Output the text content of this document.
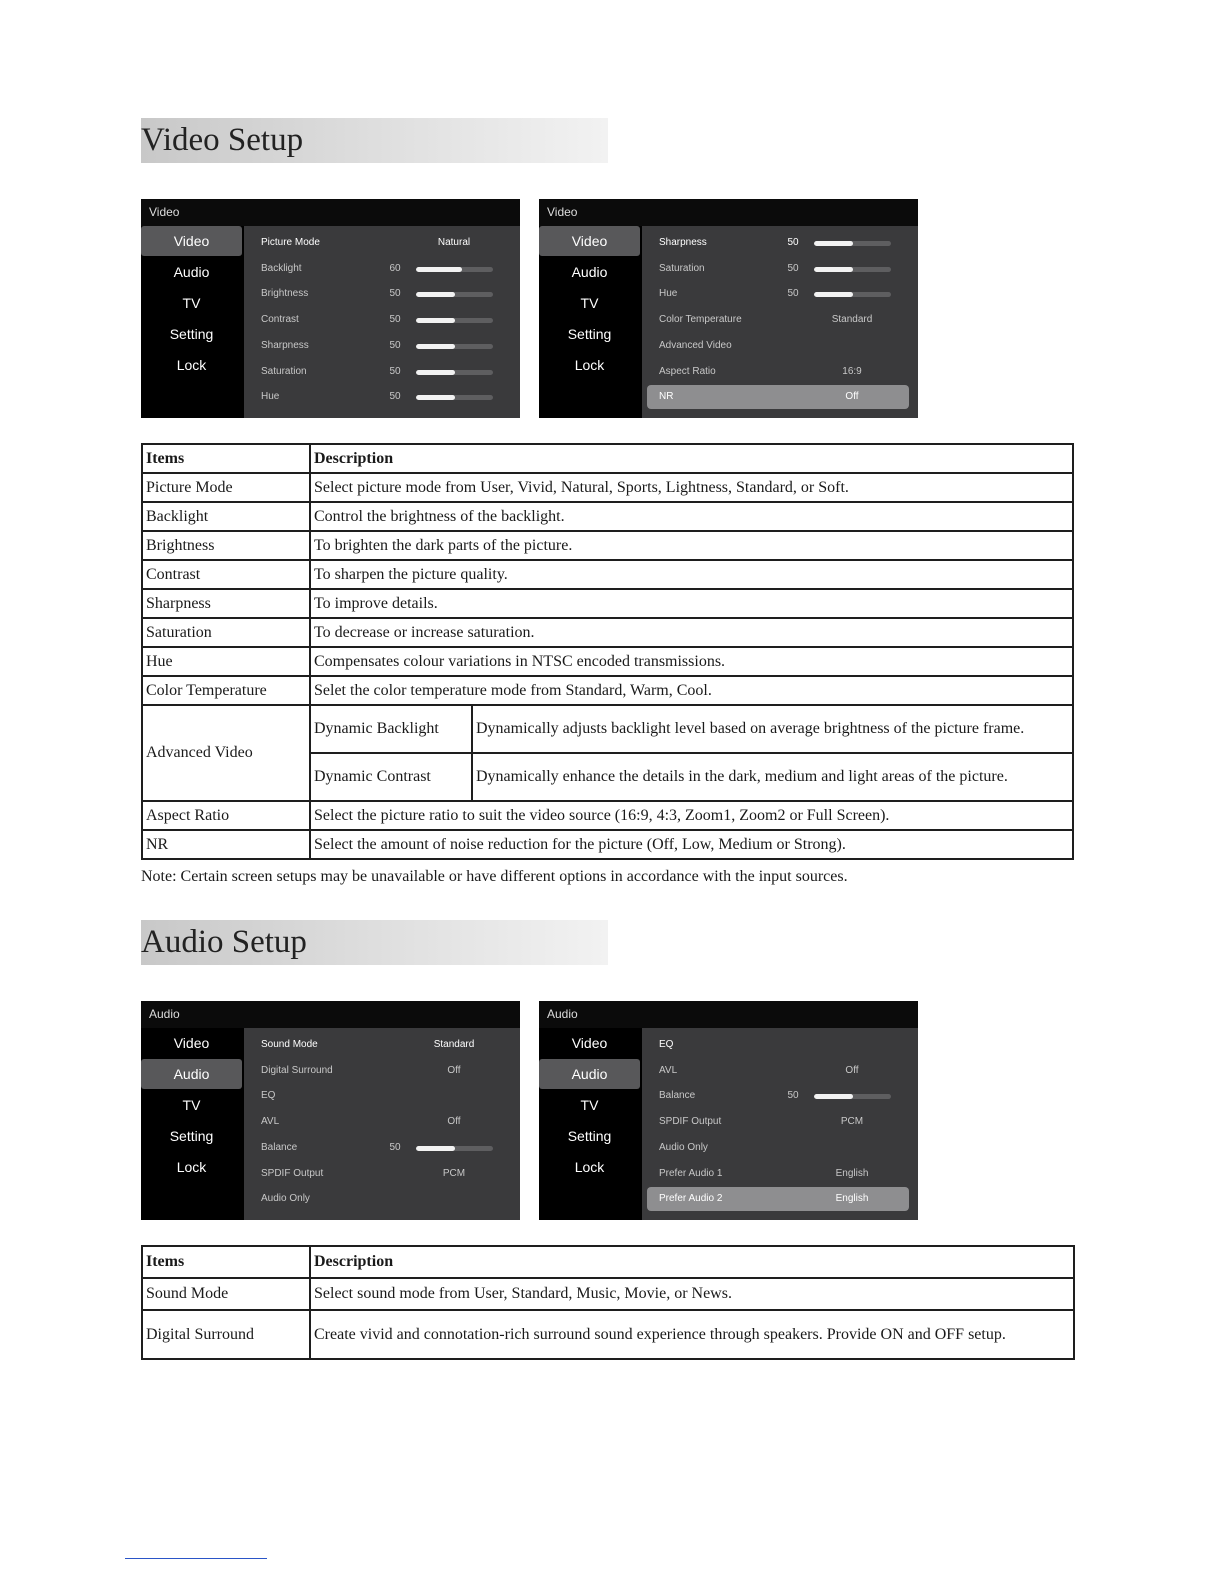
Video Setup
Video
Video
Audio
TV
Setting
Lock
Picture Mode	Natural
Backlight	60
Brightness	50
Contrast	50
Sharpness	50
Saturation	50
Hue	50
Video
Video
Audio
TV
Setting
Lock
Sharpness	50
Saturation	50
Hue	50
Color Temperature	Standard
Advanced Video
Aspect Ratio	16:9
NR	Off
Items	Description	
Picture Mode	Select picture mode from User, Vivid, Natural, Sports, Lightness, Standard, or Soft.	
Backlight	Control the brightness of the backlight.	
Brightness	To brighten the dark parts of the picture.	
Contrast	To sharpen the picture quality.	
Sharpness	To improve details.	
Saturation	To decrease or increase saturation.	
Hue	Compensates colour variations in NTSC encoded transmissions.	
Color Temperature	Selet the color temperature mode from Standard, Warm, Cool.	
Advanced Video	Dynamic Backlight	Dynamically adjusts backlight level based on average brightness of the picture frame.
	Dynamic Contrast	Dynamically enhance the details in the dark, medium and light areas of the picture.
Aspect Ratio	Select the picture ratio to suit the video source (16:9, 4:3, Zoom1, Zoom2 or Full Screen).	
NR	Select the amount of noise reduction for the picture (Off, Low, Medium or Strong).	
Note: Certain screen setups may be unavailable or have different options in accordance with the input sources.
Audio Setup
Audio
Video
Audio
TV
Setting
Lock
Sound Mode	Standard
Digital Surround	Off
EQ
AVL	Off
Balance	50
SPDIF Output	PCM
Audio Only
Audio
Video
Audio
TV
Setting
Lock
EQ
AVL	Off
Balance	50
SPDIF Output	PCM
Audio Only
Prefer Audio 1	English
Prefer Audio 2	English
Items	Description
Sound Mode	Select sound mode from User, Standard, Music, Movie, or News.
Digital Surround	Create vivid and connotation-rich surround sound experience through speakers. Provide ON and OFF setup.
